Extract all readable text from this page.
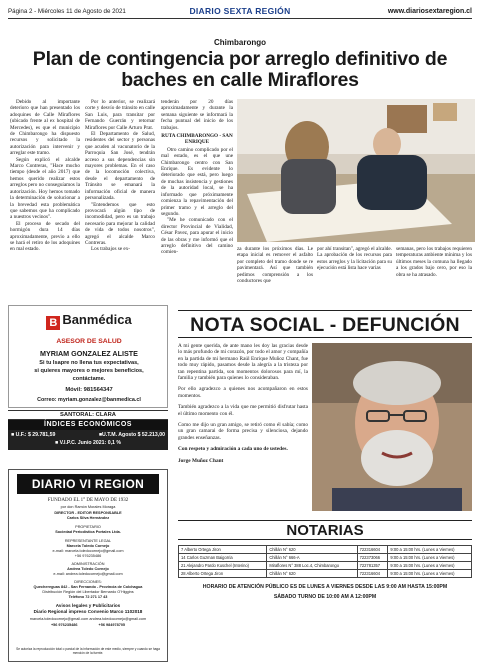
Página 2 - Miércoles 11 de Agosto de 2021	DIARIO SEXTA REGIÓN	www.diariosextaregion.cl
Chimbarongo
Plan de contingencia por arreglo definitivo de baches en calle Miraflores

Debido al importante deterioro que han presentado los adoquines de Calle Miraflores (ubicado frente al ex hospital de Mercedes), es que el municipio de Chimbarongo ha dispuesto recursos y solicitado la autorización para intervenir y arreglar este tramo.

Según explicó el alcalde Marco Contreras, "Hace mucho tiempo (desde el año 2017) que hemos querido realizar estos arreglos pero no conseguíamos la autorización. Hoy hemos tomado la determinación de solucionar a la brevedad esta problemática que sabemos que ha complicado a nuestros vecinos".

El proceso de secado del hormigón dura 14 días aproximadamente, previo a ello se hará el retiro de los adoquines en mal estado.

Por lo anterior, se realizará corte y desvío de tránsito en calle San Luis, para transitar por Fernando Guerrán y retornar Miraflores por Calle Arturo Prat.

El Departamento de Salud, residentes del sector y personas que acuden al vacunatorio de la Parroquia San José, tendrán acceso a sus dependencias sin mayores problemas. En el caso de la locomoción colectiva, desde el departamento de Tránsito se emanará la información oficial de manera personalizada.

"Entendemos que esto provocará algún tipo de incomodidad, pero es un trabajo necesario para mejorar la calidad de vida de todos nosotros", agregó el alcalde Marco Contreras.

Los trabajos se ex-

tenderán por 20 días aproximadamente y durante la semana siguiente se informará la fecha puntual del inicio de los trabajos.

RUTA CHIMBARONGO - SAN ENRIQUE

Otro camino complicado por el mal estado, es el que une Chimbarongo centro con San Enrique. Es evidente lo deteriorado que está, pero luego de muchas insistencia y gestiones de la autoridad local, se ha informado que próximamente comienza la repavimentación del primer tramo y el arreglo del segundo.

"Me he comunicado con el director Provincial de Vialidad, César Pavez, para apurar el inicio de las obras y me informó que el arreglo definitivo del camino comien-

za durante los próximos días. Le etapa inicial es remover el asfalto por completo del tramo donde se re pavimentará. Así que también pedimos comprensión a los conductores que
por ahí transitan", agregó el alcalde. La aprobación de los recursos para estos arreglos y la licitación para su ejecución está lista hace varias
semanas, pero los trabajos requieren temperaturas ambiente mínima y los últimos meses la comuna ha llegado a los grados bajo cero, por eso la obra se ha atrasado.
B Banmédica
ASESOR DE SALUD
MYRIAM GONZALEZ ALISTE
Si tu Isapre no llena tus expectativas,
si quieres mayores o mejores beneficios,
contáctame.
Móvil: 981564347
Correo: myriam.gonzalez@banmedica.cl
SANTORAL: CLARA
ÍNDICES ECONÓMICOS
■ U.F.: $ 29.781,59	■U.T.M. Agosto $ 52.213,00
■ V.I.P.C. Junio 2021: 0,1 %
DIARIO VI REGION
FUNDADO EL 1° DE MAYO DE 1932
por don Ramón Morales Moraga
DIRECTOR - EDITOR RESPONSABLE
Carlos Silva Hernández
PROPIETARIO
Sociedad Periodística Portales Ltda.
REPRESENTANTE LEGAL
Marcela Toledo Cornejo
e-mail: marcela.toledocornejo@gmail.com
+56 976235486
ADMINISTRACIÓN
Andrea Toledo Cornejo
e-mail: andrea.toledocornejo@gmail.com
DIRECCIONES:
Quechereguas 842 - San Fernando - Provincia de Colchagua
Distribución Región del Libertador Bernardo O'Higgins
Teléfono 72 271 17 43
Avisos legales y Publicitarios
Diario Regional impreso Convenio Marco 1102018
marcela.toledocornejo@gmail.com andrea.toledocornejo@gmail.com
+56 976235486                    +56 984978705
Se autoriza la reproducción total o parcial de la información de este medio, siempre y cuando se haga mención de la fuente.
NOTA SOCIAL - DEFUNCIÓN

A mi gente querida, de ante mano les doy las gracias desde lo más profundo de mi corazón, por todo el amor y compañía en la partida de mi hermano Raúl Enrique Muñoz Chant, fue todo muy rápido, pasamos desde la alegría a la tristeza por tan repentina partida, son momentos dolorosos para mí, la familia y también para quienes lo consideraban.

Por ello agradezco a quienes nos acompañaron en estos momentos.

También agradezco a la vida que me permitió disfrutar hasta el último momento con él.

Como me dijo un gran amigo, se retiró como él sabía; como un gran camarai de forma precisa y silenciosa, dejando grandes enseñanzas.

Con respeto y admiración a cada uno de ustedes.

Jorge Muñoz Chant

NOTARIAS
7 Alberto Ortega Jiron	Chillán N° 620	722316604	9:00 a 15:00 hrs. (Lunes a Viernes)
14 Carlos Guzman Baigorria	Chillán N° 666-A	722373066	9:00 a 15:00 hrs. (Lunes a Viernes)
21 Alejandro Pardo Kuschel (Interino)	Miraflores N° 388 Loc.4, Chimbarongo	722781357	9:00 a 15:00 hrs. (Lunes a Viernes)
28 Alberto Ortega Jiron	Chillán N° 620	722316604	9:00 a 15:00 hrs. (Lunes a Viernes)
HORARIO DE ATENCIÓN PÚBLICO ES DE LUNES A VIERNES DESDE LAS 9:00 AM HASTA 15:00PM
SÁBADO TURNO DE 10:00 AM A 12:00PM
